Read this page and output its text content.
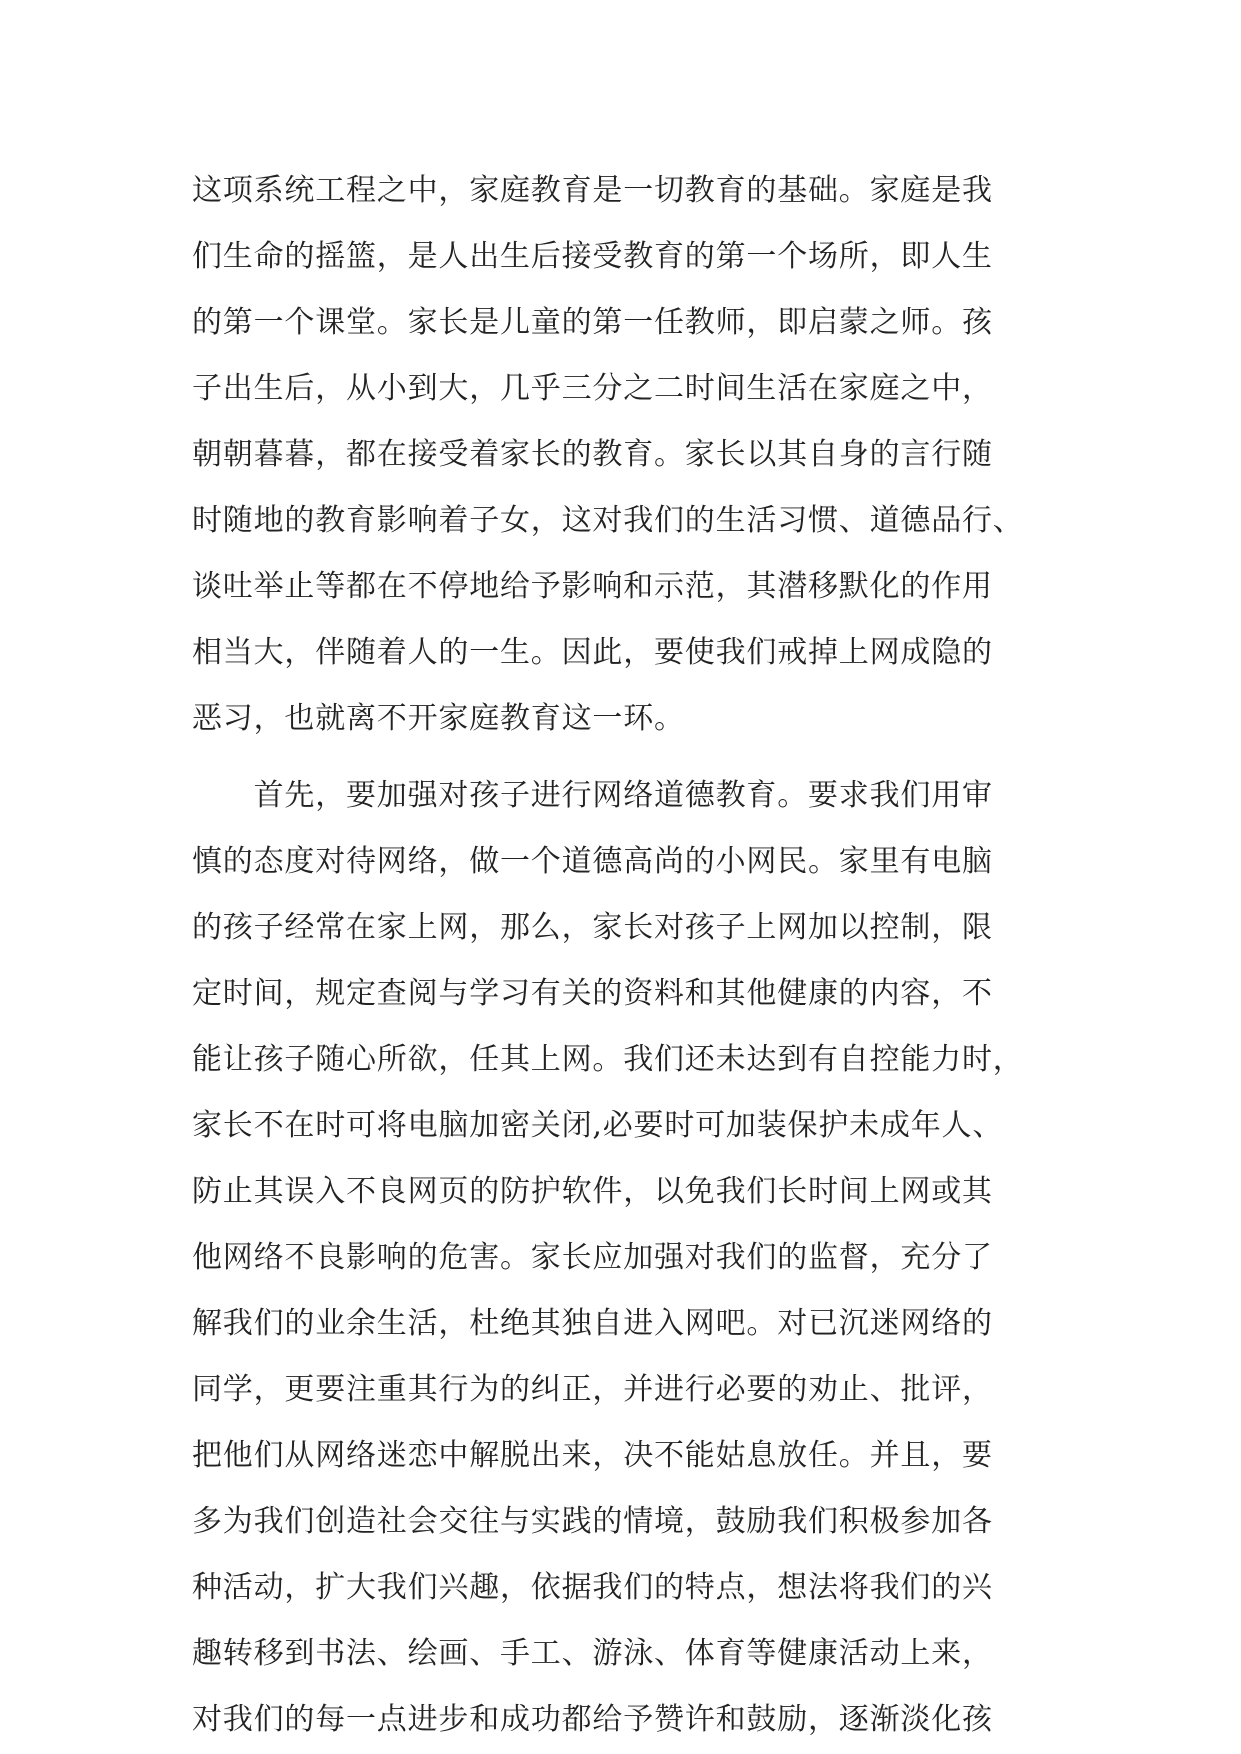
这项系统工程之中，家庭教育是一切教育的基础。家庭是我
们生命的摇篮，是人出生后接受教育的第一个场所，即人生
的第一个课堂。家长是儿童的第一任教师，即启蒙之师。孩
子出生后，从小到大，几乎三分之二时间生活在家庭之中，
朝朝暮暮，都在接受着家长的教育。家长以其自身的言行随
时随地的教育影响着子女，这对我们的生活习惯、道德品行、
谈吐举止等都在不停地给予影响和示范，其潜移默化的作用
相当大，伴随着人的一生。因此，要使我们戒掉上网成隐的
恶习，也就离不开家庭教育这一环。
　　首先，要加强对孩子进行网络道德教育。要求我们用审
慎的态度对待网络，做一个道德高尚的小网民。家里有电脑
的孩子经常在家上网，那么，家长对孩子上网加以控制，限
定时间，规定查阅与学习有关的资料和其他健康的内容，不
能让孩子随心所欲，任其上网。我们还未达到有自控能力时，
家长不在时可将电脑加密关闭,必要时可加装保护未成年人、
防止其误入不良网页的防护软件，以免我们长时间上网或其
他网络不良影响的危害。家长应加强对我们的监督，充分了
解我们的业余生活，杜绝其独自进入网吧。对已沉迷网络的
同学，更要注重其行为的纠正，并进行必要的劝止、批评，
把他们从网络迷恋中解脱出来，决不能姑息放任。并且，要
多为我们创造社会交往与实践的情境，鼓励我们积极参加各
种活动，扩大我们兴趣，依据我们的特点，想法将我们的兴
趣转移到书法、绘画、手工、游泳、体育等健康活动上来，
对我们的每一点进步和成功都给予赞许和鼓励，逐渐淡化孩
